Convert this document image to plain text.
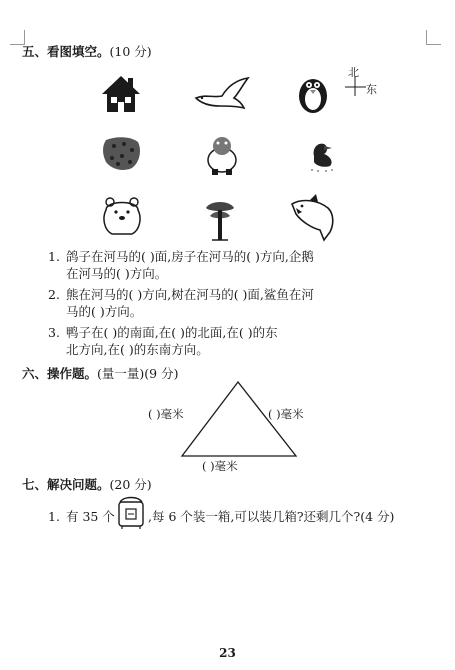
五、看图填空。(10 分)
北
东
1. 鸽子在河马的( )面,房子在河马的( )方向,企鹅
在河马的( )方向。
2. 熊在河马的( )方向,树在河马的( )面,鲨鱼在河
马的( )方向。
3. 鸭子在( )的南面,在( )的北面,在( )的东
北方向,在( )的东南方向。
六、操作题。(量一量)(9 分)
( )毫米	( )毫米
( )毫米
七、解决问题。(20 分)
1. 有 35 个	,每 6 个装一箱,可以装几箱?还剩几个?(4 分)
23
